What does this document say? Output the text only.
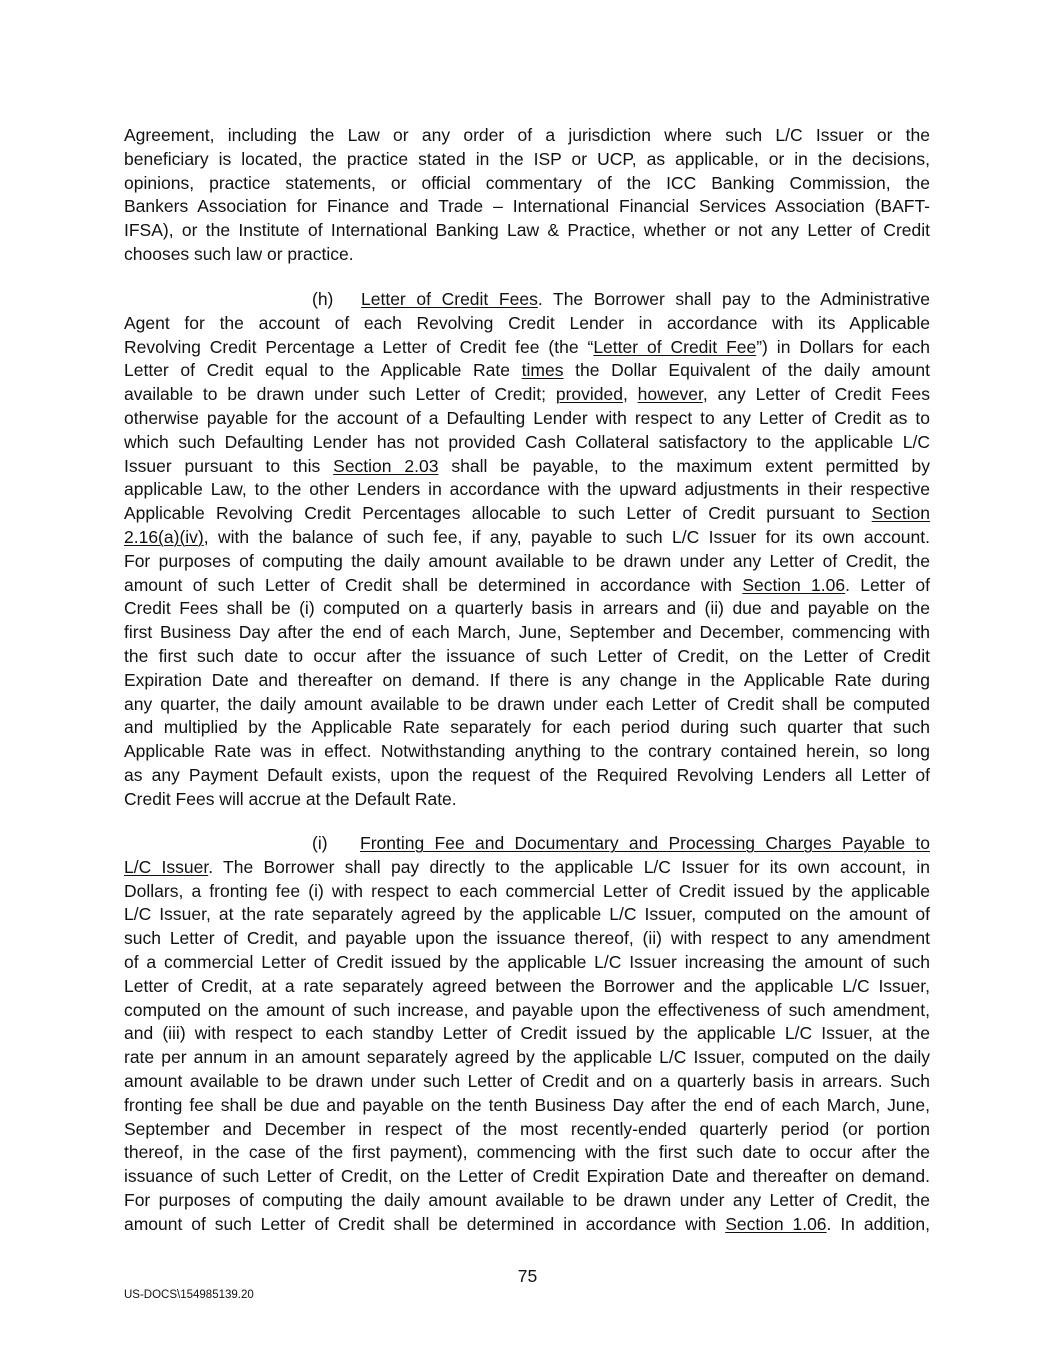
Agreement, including the Law or any order of a jurisdiction where such L/C Issuer or the
beneficiary is located, the practice stated in the ISP or UCP, as applicable, or in the decisions,
opinions, practice statements, or official commentary of the ICC Banking Commission, the
Bankers Association for Finance and Trade – International Financial Services Association (BAFT-
IFSA), or the Institute of International Banking Law & Practice, whether or not any Letter of Credit
chooses such law or practice.
(h) Letter of Credit Fees. The Borrower shall pay to the Administrative
Agent for the account of each Revolving Credit Lender in accordance with its Applicable
Revolving Credit Percentage a Letter of Credit fee (the “Letter of Credit Fee”) in Dollars for each
Letter of Credit equal to the Applicable Rate times the Dollar Equivalent of the daily amount
available to be drawn under such Letter of Credit; provided, however, any Letter of Credit Fees
otherwise payable for the account of a Defaulting Lender with respect to any Letter of Credit as to
which such Defaulting Lender has not provided Cash Collateral satisfactory to the applicable L/C
Issuer pursuant to this Section 2.03 shall be payable, to the maximum extent permitted by
applicable Law, to the other Lenders in accordance with the upward adjustments in their respective
Applicable Revolving Credit Percentages allocable to such Letter of Credit pursuant to Section
2.16(a)(iv), with the balance of such fee, if any, payable to such L/C Issuer for its own account.
For purposes of computing the daily amount available to be drawn under any Letter of Credit, the
amount of such Letter of Credit shall be determined in accordance with Section 1.06. Letter of
Credit Fees shall be (i) computed on a quarterly basis in arrears and (ii) due and payable on the
first Business Day after the end of each March, June, September and December, commencing with
the first such date to occur after the issuance of such Letter of Credit, on the Letter of Credit
Expiration Date and thereafter on demand. If there is any change in the Applicable Rate during
any quarter, the daily amount available to be drawn under each Letter of Credit shall be computed
and multiplied by the Applicable Rate separately for each period during such quarter that such
Applicable Rate was in effect. Notwithstanding anything to the contrary contained herein, so long
as any Payment Default exists, upon the request of the Required Revolving Lenders all Letter of
Credit Fees will accrue at the Default Rate.
(i) Fronting Fee and Documentary and Processing Charges Payable to
L/C Issuer. The Borrower shall pay directly to the applicable L/C Issuer for its own account, in
Dollars, a fronting fee (i) with respect to each commercial Letter of Credit issued by the applicable
L/C Issuer, at the rate separately agreed by the applicable L/C Issuer, computed on the amount of
such Letter of Credit, and payable upon the issuance thereof, (ii) with respect to any amendment
of a commercial Letter of Credit issued by the applicable L/C Issuer increasing the amount of such
Letter of Credit, at a rate separately agreed between the Borrower and the applicable L/C Issuer,
computed on the amount of such increase, and payable upon the effectiveness of such amendment,
and (iii) with respect to each standby Letter of Credit issued by the applicable L/C Issuer, at the
rate per annum in an amount separately agreed by the applicable L/C Issuer, computed on the daily
amount available to be drawn under such Letter of Credit and on a quarterly basis in arrears. Such
fronting fee shall be due and payable on the tenth Business Day after the end of each March, June,
September and December in respect of the most recently-ended quarterly period (or portion
thereof, in the case of the first payment), commencing with the first such date to occur after the
issuance of such Letter of Credit, on the Letter of Credit Expiration Date and thereafter on demand.
For purposes of computing the daily amount available to be drawn under any Letter of Credit, the
amount of such Letter of Credit shall be determined in accordance with Section 1.06. In addition,
75
US-DOCS\154985139.20
